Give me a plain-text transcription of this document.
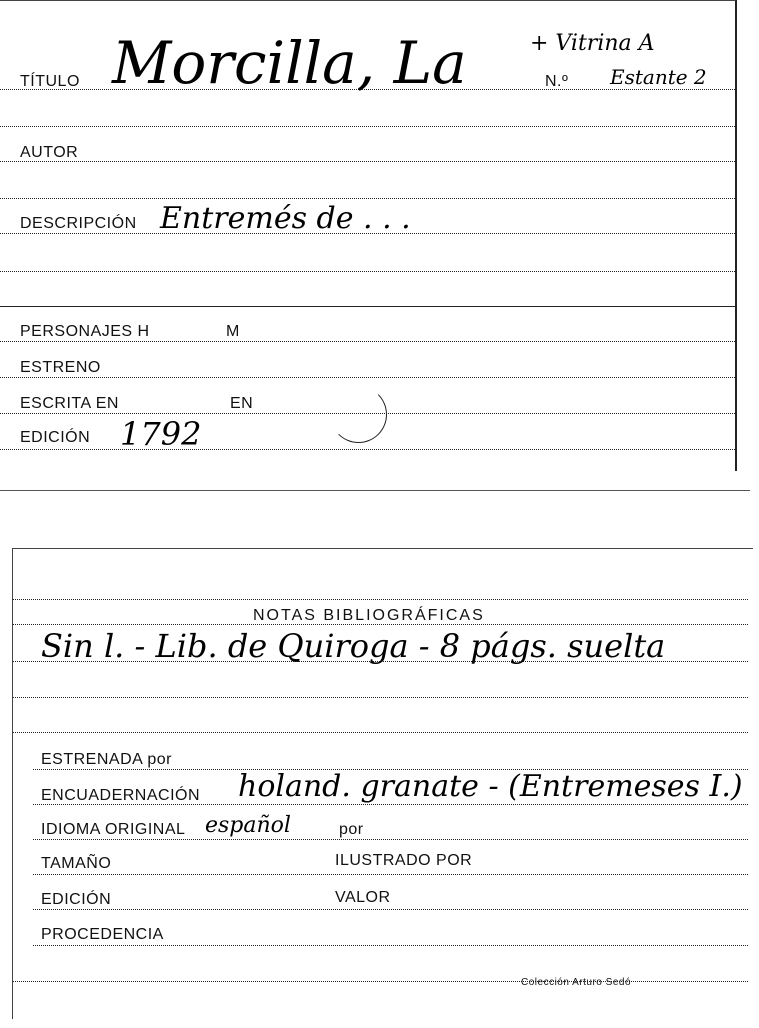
TÍTULO Morcilla, La	+ Vitrina A
N.º Estante 2
AUTOR
DESCRIPCIÓN Entremés de . . .
PERSONAJES H	M
ESTRENO
ESCRITA EN	EN
EDICIÓN 1792
NOTAS BIBLIOGRÁFICAS
Sin l. - Lib. de Quiroga - 8 págs. suelta
ESTRENADA por
ENCUADERNACIÓN holand. granate - (Entremeses I.)
IDIOMA ORIGINAL español	por
TAMAÑO	ILUSTRADO POR
EDICIÓN	VALOR
PROCEDENCIA
Colección Arturo Sedó
